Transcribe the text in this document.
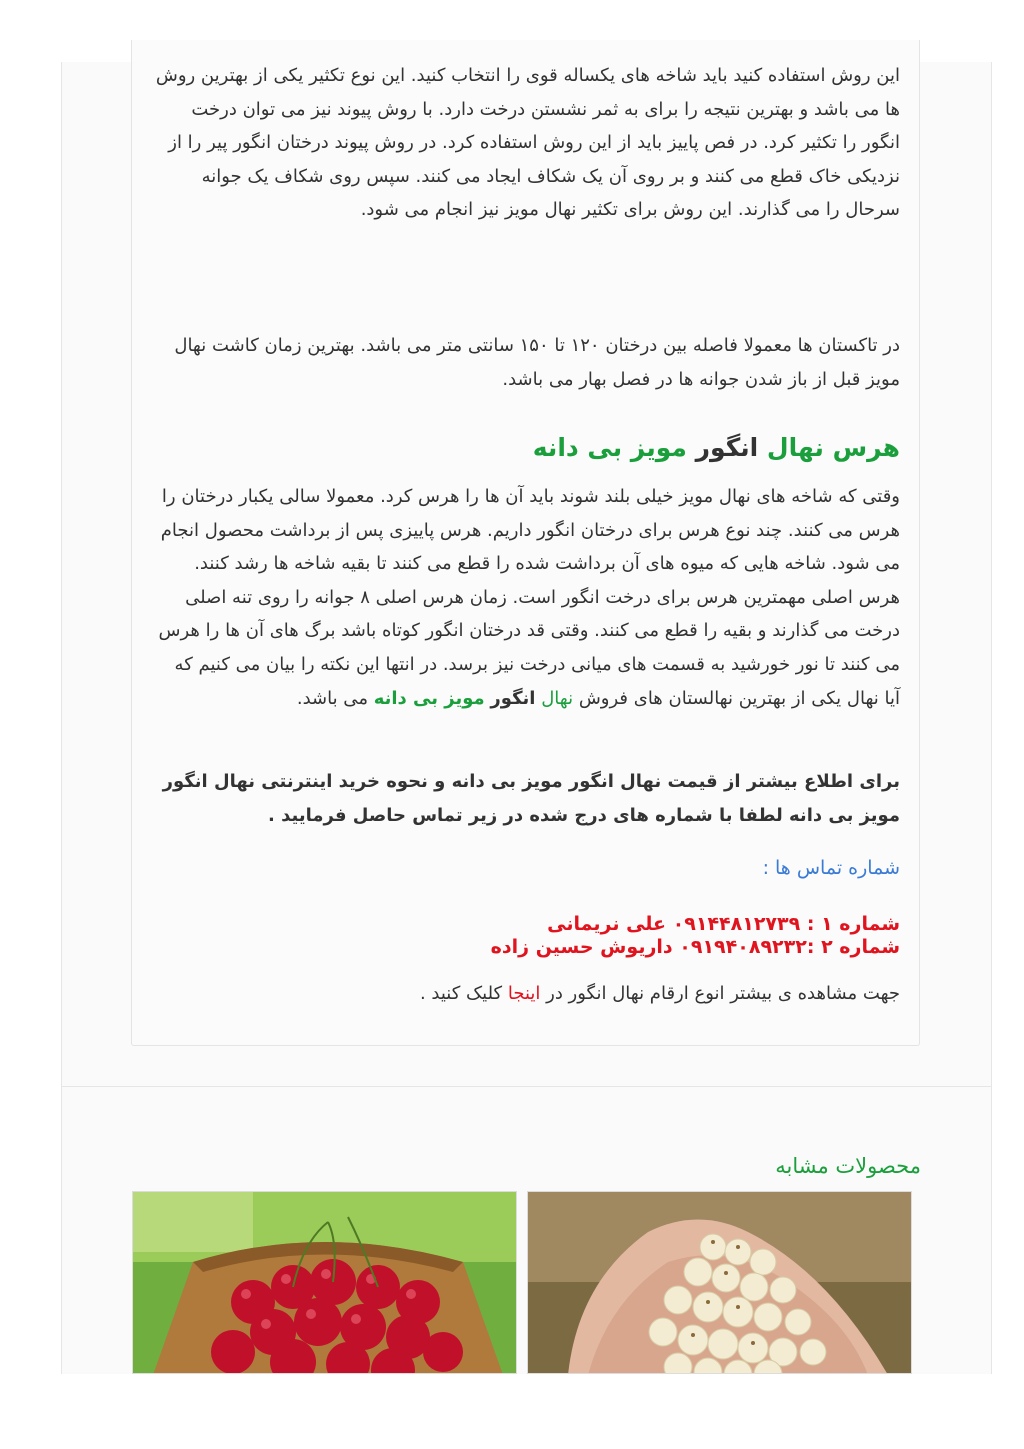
این روش استفاده کنید باید شاخه های یکساله قوی را انتخاب کنید. این نوع تکثیر یکی از بهترین روش ها می باشد و بهترین نتیجه را برای به ثمر نشستن درخت دارد. با روش پیوند نیز می توان درخت انگور را تکثیر کرد. در فص پاییز باید از این روش استفاده کرد. در روش پیوند درختان انگور پیر را از نزدیکی خاک قطع می کنند و بر روی آن یک شکاف ایجاد می کنند. سپس روی شکاف یک جوانه سرحال را می گذارند. این روش برای تکثیر نهال مویز نیز انجام می شود.
در تاکستان ها معمولا فاصله بین درختان ۱۲۰ تا ۱۵۰ سانتی متر می باشد. بهترین زمان کاشت نهال مویز قبل از باز شدن جوانه ها در فصل بهار می باشد.
هرس نهال انگور مویز بی دانه
وقتی که شاخه های نهال مویز خیلی بلند شوند باید آن ها را هرس کرد. معمولا سالی یکبار درختان را هرس می کنند. چند نوع هرس برای درختان انگور داریم. هرس پاییزی پس از برداشت محصول انجام می شود. شاخه هایی که میوه های آن برداشت شده را قطع می کنند تا بقیه شاخه ها رشد کنند. هرس اصلی مهمترین هرس برای درخت انگور است. زمان هرس اصلی ۸ جوانه را روی تنه اصلی درخت می گذارند و بقیه را قطع می کنند. وقتی قد درختان انگور کوتاه باشد برگ های آن ها را هرس می کنند تا نور خورشید به قسمت های میانی درخت نیز برسد. در انتها این نکته را بیان می کنیم که آیا نهال یکی از بهترین نهالستان های فروش نهال انگور مویز بی دانه می باشد.
برای اطلاع بیشتر از قیمت نهال انگور مویز بی دانه و نحوه خرید اینترنتی نهال انگور مویز بی دانه لطفا با شماره های درج شده در زیر تماس حاصل فرمایید .
شماره تماس ها :
شماره ۱ : ۰۹۱۴۴۸۱۲۷۳۹ علی نریمانی
شماره ۲ :۰۹۱۹۴۰۸۹۲۳۲ داریوش حسین زاده
جهت مشاهده ی بیشتر انوع ارقام نهال انگور در اینجا کلیک کنید .
محصولات مشابه
